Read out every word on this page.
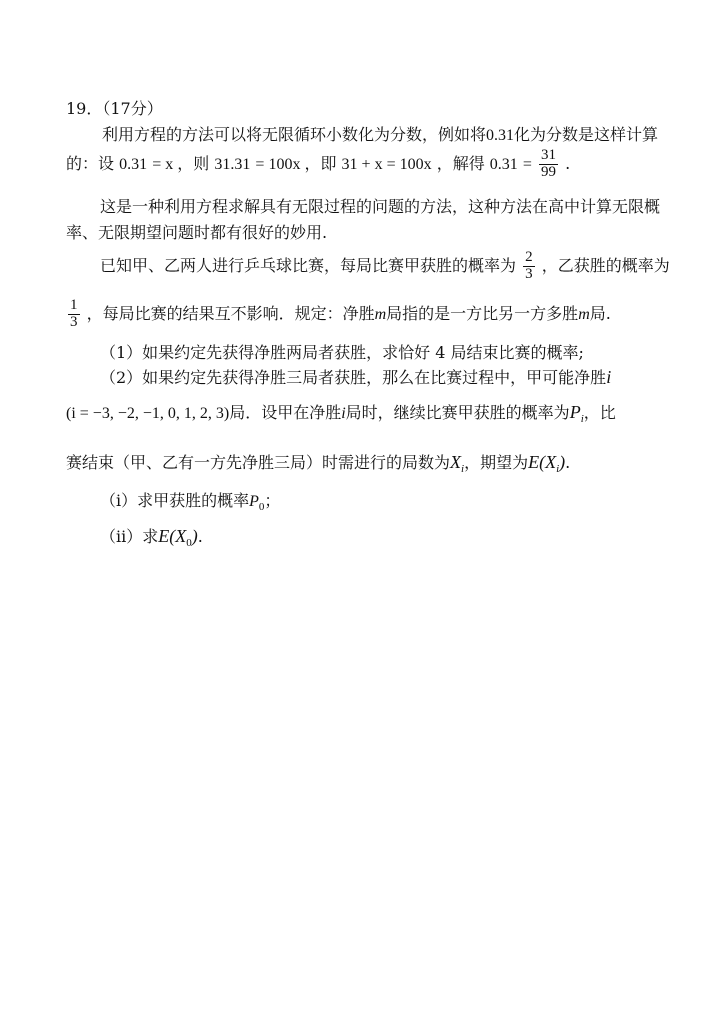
19．（17分）
利用方程的方法可以将无限循环小数化为分数，例如将0.31化为分数是这样计算
的：设 0.31 = x ，则 31.31 = 100x ，即 31 + x = 100x ，解得 $0.31 = \frac{31}{99}$ .
这是一种利用方程求解具有无限过程的问题的方法，这种方法在高中计算无限概
率、无限期望问题时都有很好的妙用.
已知甲、乙两人进行乒乓球比赛，每局比赛甲获胜的概率为 $\frac{2}{3}$ ，乙获胜的概率为
$\frac{1}{3}$ ，每局比赛的结果互不影响．规定：净胜m局指的是一方比另一方多胜m局.
（1）如果约定先获得净胜两局者获胜，求恰好 4 局结束比赛的概率;
（2）如果约定先获得净胜三局者获胜，那么在比赛过程中，甲可能净胜i
(i = −3, −2, −1, 0, 1, 2, 3)局．设甲在净胜i局时，继续比赛甲获胜的概率为$P_i$，比
赛结束（甲、乙有一方先净胜三局）时需进行的局数为$X_i$，期望为$E(X_i)$.
（i）求甲获胜的概率$P_0$；
（ii）求$E(X_0)$.
